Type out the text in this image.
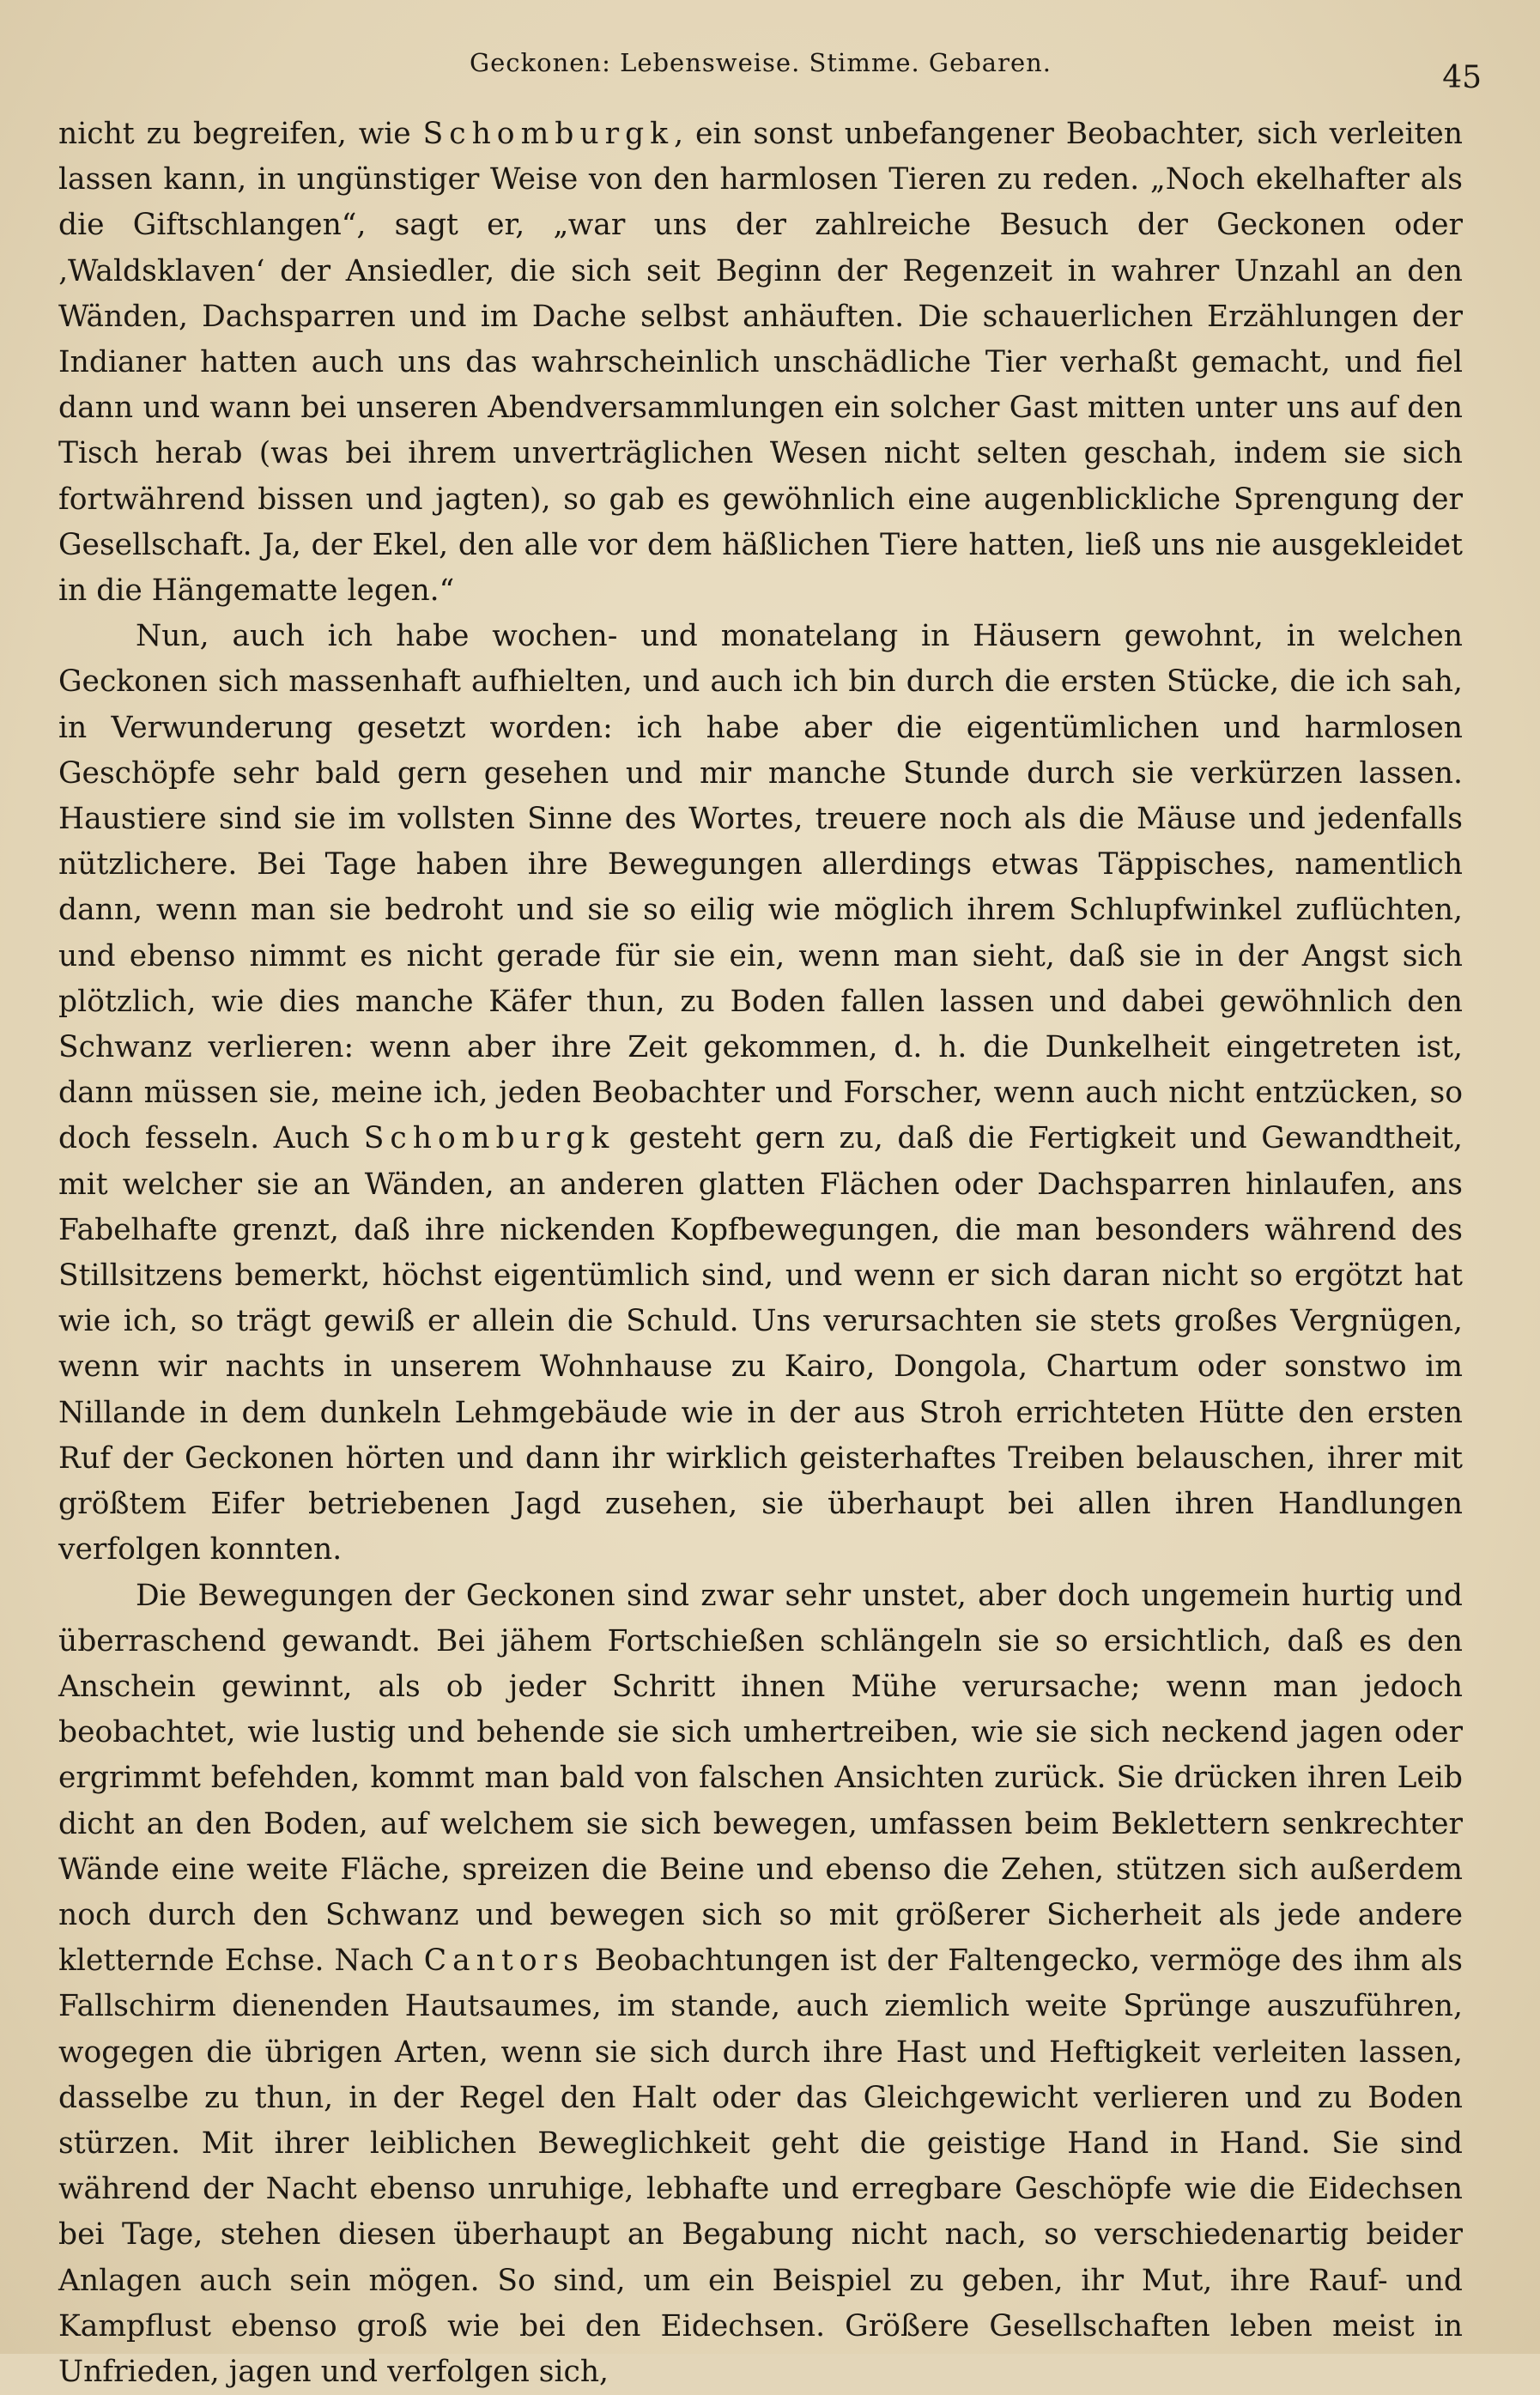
Geckonen: Lebensweise. Stimme. Gebaren.	45

nicht zu begreifen, wie Schomburgk, ein sonst unbefangener Beobachter, sich verleiten lassen kann, in ungünstiger Weise von den harmlosen Tieren zu reden. „Noch ekelhafter als die Giftschlangen“, sagt er, „war uns der zahlreiche Besuch der Geckonen oder ‚Waldsklaven‘ der Ansiedler, die sich seit Beginn der Regenzeit in wahrer Unzahl an den Wänden, Dachsparren und im Dache selbst anhäuften. Die schauerlichen Erzählungen der Indianer hatten auch uns das wahrscheinlich unschädliche Tier verhaßt gemacht, und fiel dann und wann bei unseren Abendversammlungen ein solcher Gast mitten unter uns auf den Tisch herab (was bei ihrem unverträglichen Wesen nicht selten geschah, indem sie sich fortwährend bissen und jagten), so gab es gewöhnlich eine augenblickliche Sprengung der Gesellschaft. Ja, der Ekel, den alle vor dem häßlichen Tiere hatten, ließ uns nie ausgekleidet in die Hängematte legen.“

Nun, auch ich habe wochen- und monatelang in Häusern gewohnt, in welchen Geckonen sich massenhaft aufhielten, und auch ich bin durch die ersten Stücke, die ich sah, in Verwunderung gesetzt worden: ich habe aber die eigentümlichen und harmlosen Geschöpfe sehr bald gern gesehen und mir manche Stunde durch sie verkürzen lassen. Haustiere sind sie im vollsten Sinne des Wortes, treuere noch als die Mäuse und jedenfalls nützlichere. Bei Tage haben ihre Bewegungen allerdings etwas Täppisches, namentlich dann, wenn man sie bedroht und sie so eilig wie möglich ihrem Schlupfwinkel zuflüchten, und ebenso nimmt es nicht gerade für sie ein, wenn man sieht, daß sie in der Angst sich plötzlich, wie dies manche Käfer thun, zu Boden fallen lassen und dabei gewöhnlich den Schwanz verlieren: wenn aber ihre Zeit gekommen, d. h. die Dunkelheit eingetreten ist, dann müssen sie, meine ich, jeden Beobachter und Forscher, wenn auch nicht entzücken, so doch fesseln. Auch Schomburgk gesteht gern zu, daß die Fertigkeit und Gewandtheit, mit welcher sie an Wänden, an anderen glatten Flächen oder Dachsparren hinlaufen, ans Fabelhafte grenzt, daß ihre nickenden Kopfbewegungen, die man besonders während des Stillsitzens bemerkt, höchst eigentümlich sind, und wenn er sich daran nicht so ergötzt hat wie ich, so trägt gewiß er allein die Schuld. Uns verursachten sie stets großes Vergnügen, wenn wir nachts in unserem Wohnhause zu Kairo, Dongola, Chartum oder sonstwo im Nillande in dem dunkeln Lehmgebäude wie in der aus Stroh errichteten Hütte den ersten Ruf der Geckonen hörten und dann ihr wirklich geisterhaftes Treiben belauschen, ihrer mit größtem Eifer betriebenen Jagd zusehen, sie überhaupt bei allen ihren Handlungen verfolgen konnten.

Die Bewegungen der Geckonen sind zwar sehr unstet, aber doch ungemein hurtig und überraschend gewandt. Bei jähem Fortschießen schlängeln sie so ersichtlich, daß es den Anschein gewinnt, als ob jeder Schritt ihnen Mühe verursache; wenn man jedoch beobachtet, wie lustig und behende sie sich umhertreiben, wie sie sich neckend jagen oder ergrimmt befehden, kommt man bald von falschen Ansichten zurück. Sie drücken ihren Leib dicht an den Boden, auf welchem sie sich bewegen, umfassen beim Beklettern senkrechter Wände eine weite Fläche, spreizen die Beine und ebenso die Zehen, stützen sich außerdem noch durch den Schwanz und bewegen sich so mit größerer Sicherheit als jede andere kletternde Echse. Nach Cantors Beobachtungen ist der Faltengecko, vermöge des ihm als Fallschirm dienenden Hautsaumes, im stande, auch ziemlich weite Sprünge auszuführen, wogegen die übrigen Arten, wenn sie sich durch ihre Hast und Heftigkeit verleiten lassen, dasselbe zu thun, in der Regel den Halt oder das Gleichgewicht verlieren und zu Boden stürzen. Mit ihrer leiblichen Beweglichkeit geht die geistige Hand in Hand. Sie sind während der Nacht ebenso unruhige, lebhafte und erregbare Geschöpfe wie die Eidechsen bei Tage, stehen diesen überhaupt an Begabung nicht nach, so verschiedenartig beider Anlagen auch sein mögen. So sind, um ein Beispiel zu geben, ihr Mut, ihre Rauf- und Kampflust ebenso groß wie bei den Eidechsen. Größere Gesellschaften leben meist in Unfrieden, jagen und verfolgen sich,
